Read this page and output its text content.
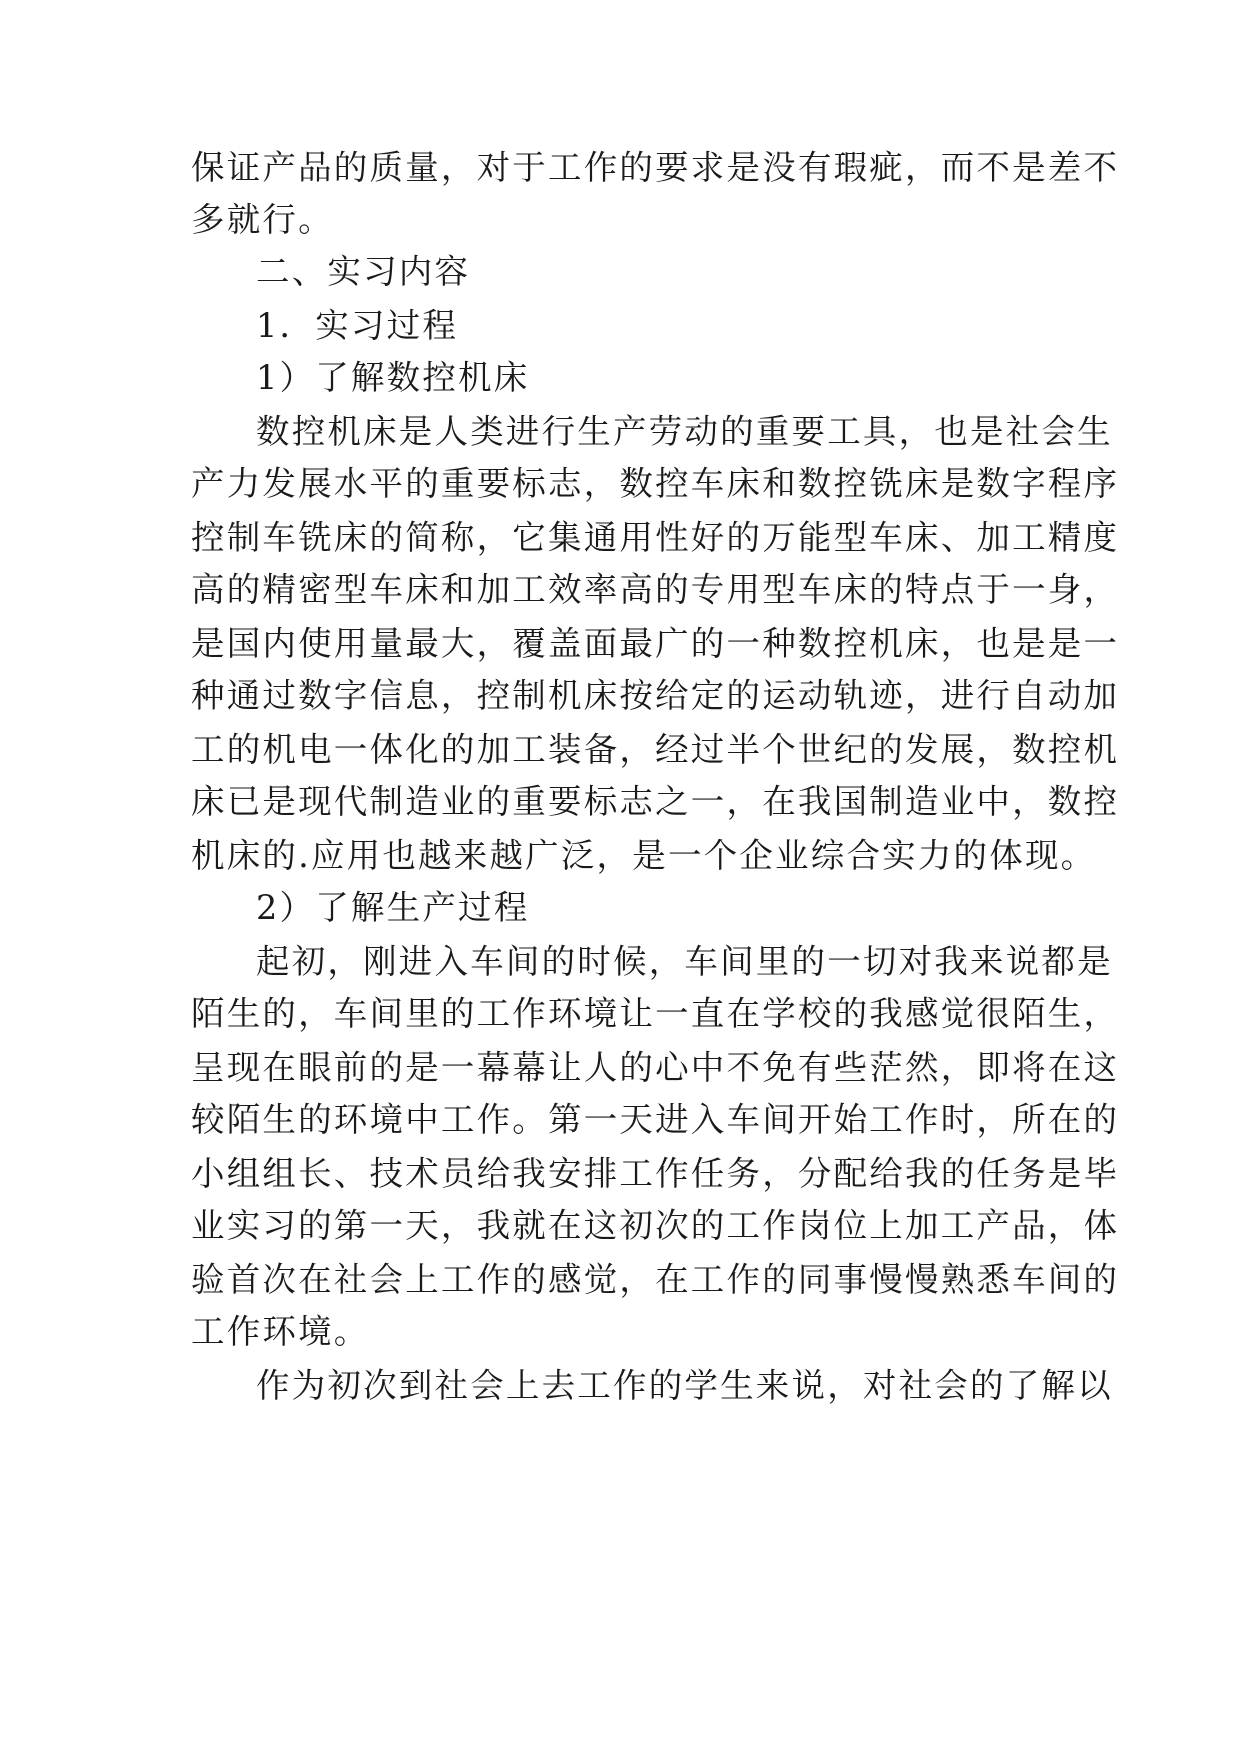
保证产品的质量，对于工作的要求是没有瑕疵，而不是差不
多就行。
二、实习内容
1．实习过程
1）了解数控机床
数控机床是人类进行生产劳动的重要工具，也是社会生
产力发展水平的重要标志，数控车床和数控铣床是数字程序
控制车铣床的简称，它集通用性好的万能型车床、加工精度
高的精密型车床和加工效率高的专用型车床的特点于一身，
是国内使用量最大，覆盖面最广的一种数控机床，也是是一
种通过数字信息，控制机床按给定的运动轨迹，进行自动加
工的机电一体化的加工装备，经过半个世纪的发展，数控机
床已是现代制造业的重要标志之一，在我国制造业中，数控
机床的.应用也越来越广泛，是一个企业综合实力的体现。
2）了解生产过程
起初，刚进入车间的时候，车间里的一切对我来说都是
陌生的，车间里的工作环境让一直在学校的我感觉很陌生，
呈现在眼前的是一幕幕让人的心中不免有些茫然，即将在这
较陌生的环境中工作。第一天进入车间开始工作时，所在的
小组组长、技术员给我安排工作任务，分配给我的任务是毕
业实习的第一天，我就在这初次的工作岗位上加工产品，体
验首次在社会上工作的感觉，在工作的同事慢慢熟悉车间的
工作环境。
作为初次到社会上去工作的学生来说，对社会的了解以
